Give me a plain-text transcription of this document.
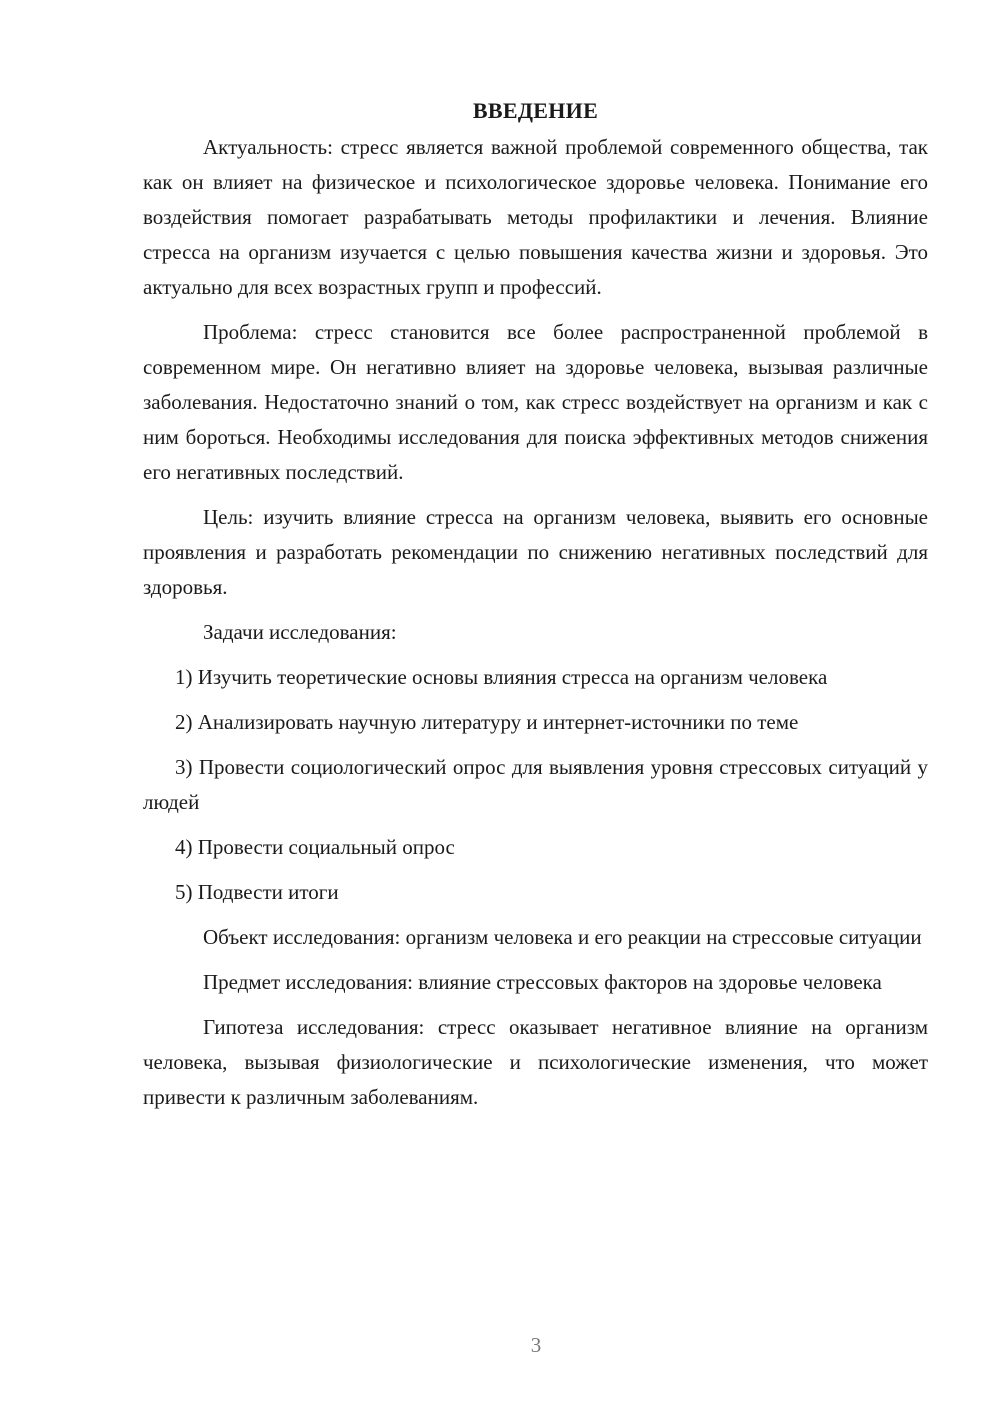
ВВЕДЕНИЕ

Актуальность: стресс является важной проблемой современного общества, так как он влияет на физическое и психологическое здоровье человека. Понимание его воздействия помогает разрабатывать методы профилактики и лечения. Влияние стресса на организм изучается с целью повышения качества жизни и здоровья. Это актуально для всех возрастных групп и профессий.

Проблема: стресс становится все более распространенной проблемой в современном мире. Он негативно влияет на здоровье человека, вызывая различные заболевания. Недостаточно знаний о том, как стресс воздействует на организм и как с ним бороться. Необходимы исследования для поиска эффективных методов снижения его негативных последствий.

Цель: изучить влияние стресса на организм человека, выявить его основные проявления и разработать рекомендации по снижению негативных последствий для здоровья.

Задачи исследования:

1) Изучить теоретические основы влияния стресса на организм человека

2) Анализировать научную литературу и интернет-источники по теме

3) Провести социологический опрос для выявления уровня стрессовых ситуаций у людей

4) Провести социальный опрос

5) Подвести итоги

Объект исследования: организм человека и его реакции на стрессовые ситуации

Предмет исследования: влияние стрессовых факторов на здоровье человека

Гипотеза исследования: стресс оказывает негативное влияние на организм человека, вызывая физиологические и психологические изменения, что может привести к различным заболеваниям.

3
